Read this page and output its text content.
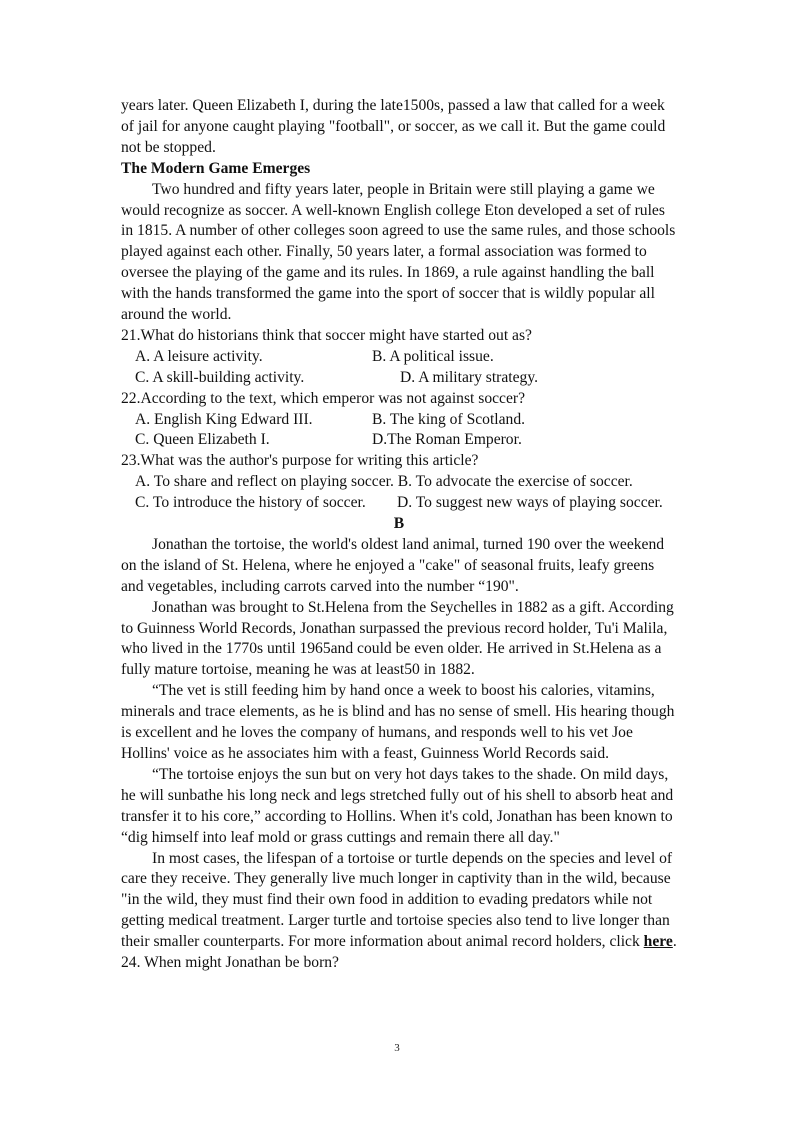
years later. Queen Elizabeth I, during the late1500s, passed a law that called for a week of jail for anyone caught playing "football", or soccer, as we call it. But the game could not be stopped.

The Modern Game Emerges

Two hundred and fifty years later, people in Britain were still playing a game we would recognize as soccer. A well-known English college Eton developed a set of rules in 1815. A number of other colleges soon agreed to use the same rules, and those schools played against each other. Finally, 50 years later, a formal association was formed to oversee the playing of the game and its rules. In 1869, a rule against handling the ball with the hands transformed the game into the sport of soccer that is wildly popular all around the world.

21.What do historians think that soccer might have started out as?

A. A leisure activity.	B. A political issue.
C. A skill-building activity.	D. A military strategy.

22.According to the text, which emperor was not against soccer?

A. English King Edward III.	B. The king of Scotland.
C. Queen Elizabeth I.	D.The Roman Emperor.

23.What was the author's purpose for writing this article?

A. To share and reflect on playing soccer. B. To advocate the exercise of soccer.

C. To introduce the history of soccer. D. To suggest new ways of playing soccer.

B

Jonathan the tortoise, the world's oldest land animal, turned 190 over the weekend on the island of St. Helena, where he enjoyed a "cake" of seasonal fruits, leafy greens and vegetables, including carrots carved into the number “190".

Jonathan was brought to St.Helena from the Seychelles in 1882 as a gift. According to Guinness World Records, Jonathan surpassed the previous record holder, Tu'i Malila, who lived in the 1770s until 1965and could be even older. He arrived in St.Helena as a fully mature tortoise, meaning he was at least50 in 1882.

“The vet is still feeding him by hand once a week to boost his calories, vitamins, minerals and trace elements, as he is blind and has no sense of smell. His hearing though is excellent and he loves the company of humans, and responds well to his vet Joe Hollins' voice as he associates him with a feast, Guinness World Records said.

“The tortoise enjoys the sun but on very hot days takes to the shade. On mild days, he will sunbathe his long neck and legs stretched fully out of his shell to absorb heat and transfer it to his core,” according to Hollins. When it's cold, Jonathan has been known to “dig himself into leaf mold or grass cuttings and remain there all day."

In most cases, the lifespan of a tortoise or turtle depends on the species and level of care they receive. They generally live much longer in captivity than in the wild, because "in the wild, they must find their own food in addition to evading predators while not getting medical treatment. Larger turtle and tortoise species also tend to live longer than their smaller counterparts. For more information about animal record holders, click here.

24. When might Jonathan be born?

3
